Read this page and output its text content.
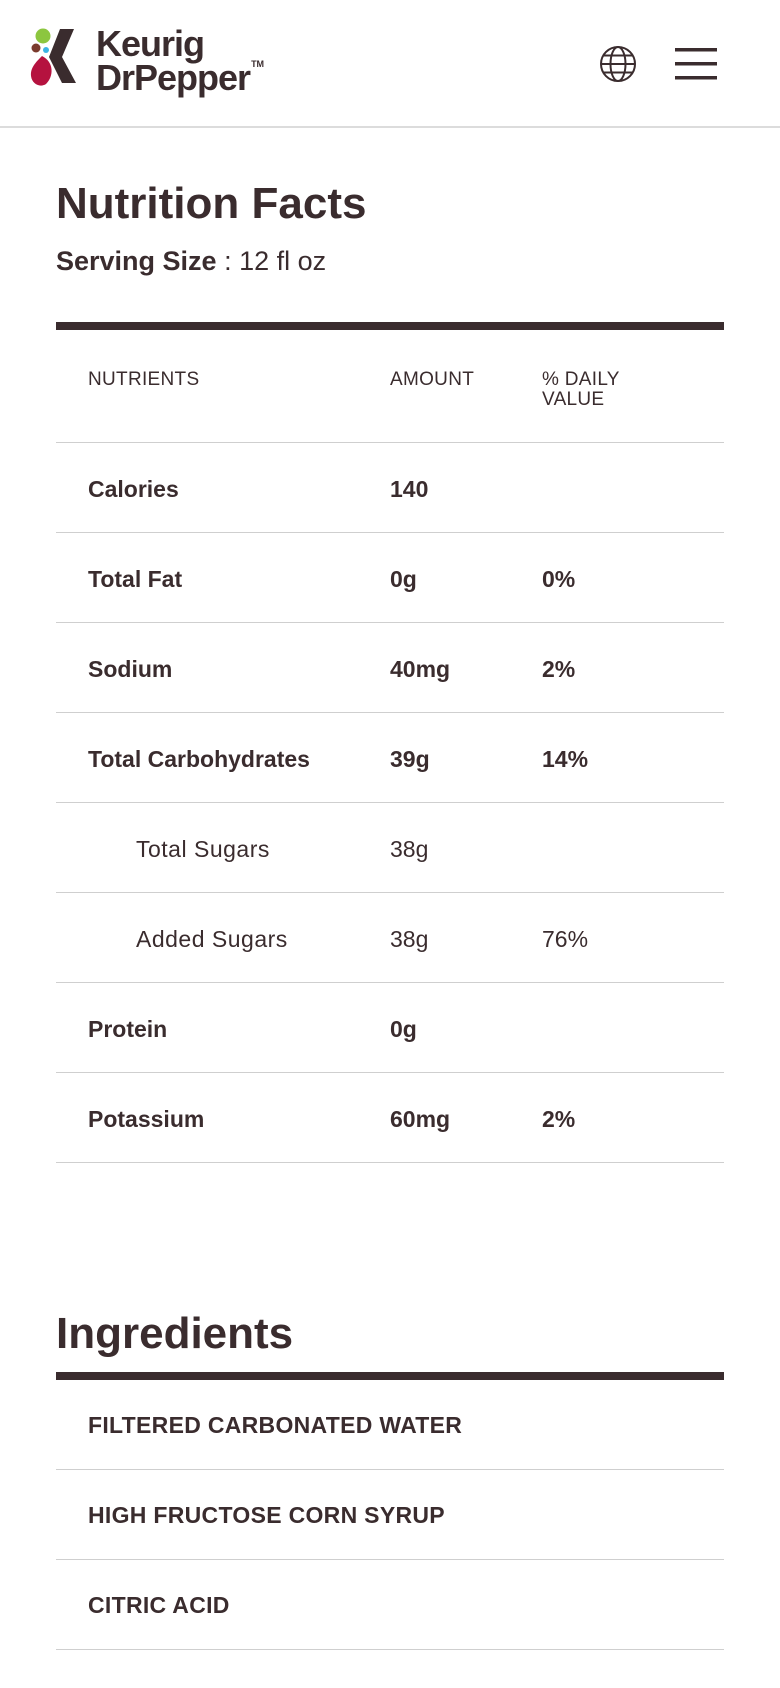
Keurig
DrPepper™
Nutrition Facts
Serving Size : 12 fl oz
NUTRIENTS	AMOUNT	% DAILY VALUE
Calories	140
Total Fat	0g	0%
Sodium	40mg	2%
Total Carbohydrates	39g	14%
Total Sugars	38g
Added Sugars	38g	76%
Protein	0g
Potassium	60mg	2%
Ingredients
FILTERED CARBONATED WATER
HIGH FRUCTOSE CORN SYRUP
CITRIC ACID
